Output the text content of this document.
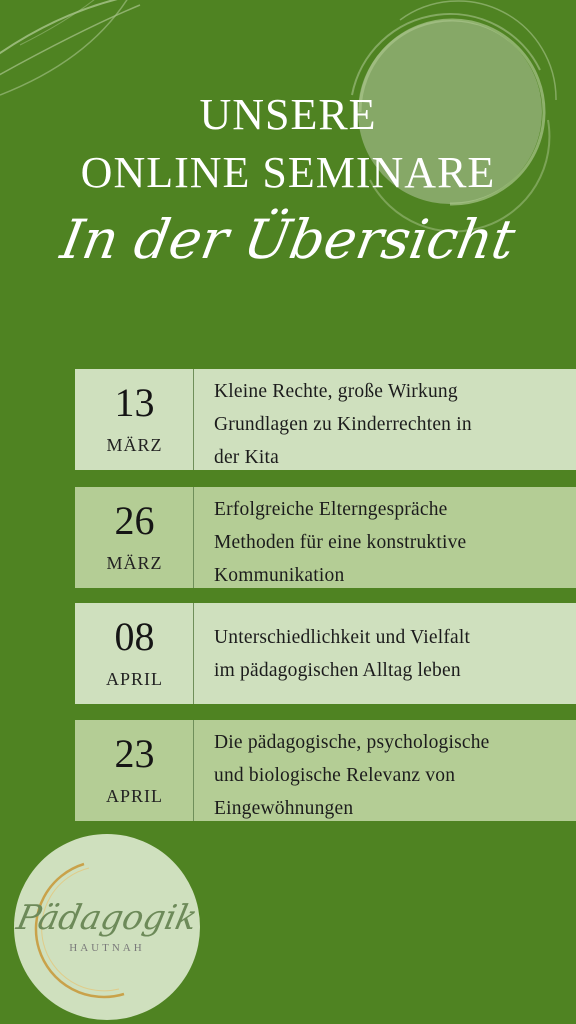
UNSERE
ONLINE SEMINARE
In der Übersicht
13
MÄRZ
Kleine Rechte, große Wirkung
Grundlagen zu Kinderrechten in
der Kita
26
MÄRZ
Erfolgreiche Elterngespräche
Methoden für eine konstruktive
Kommunikation
08
APRIL
Unterschiedlichkeit und Vielfalt
im pädagogischen Alltag leben
23
APRIL
Die pädagogische, psychologische
und biologische Relevanz von
Eingewöhnungen
Pädagogik
HAUTNAH
